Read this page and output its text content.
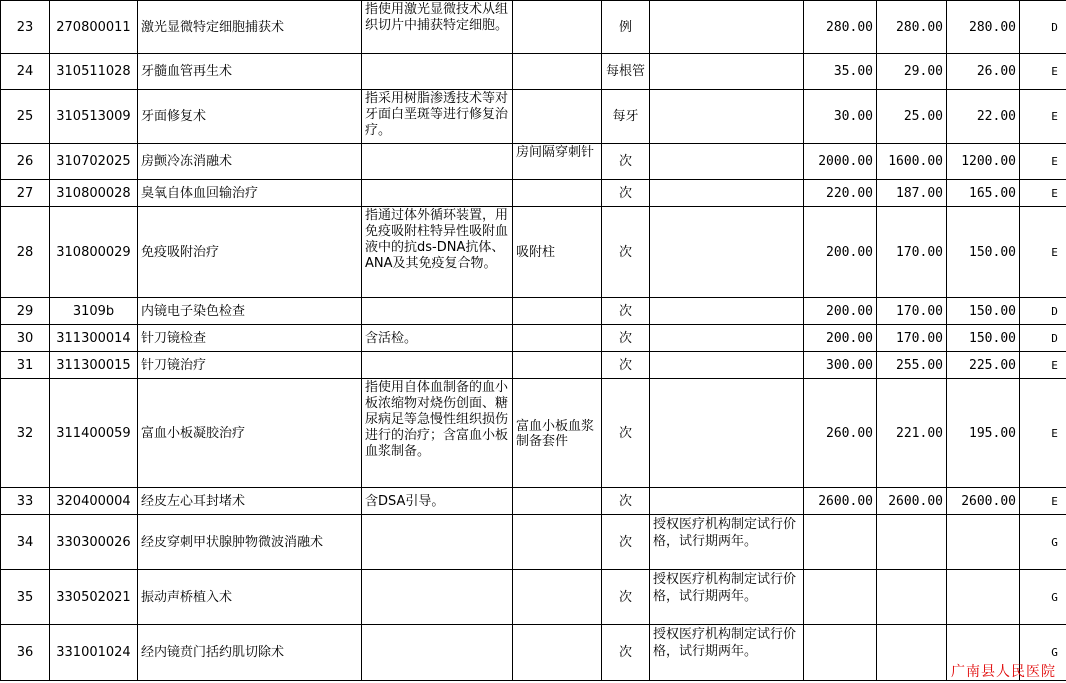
23	270800011	激光显微特定细胞捕获术	指使用激光显微技术从组织切片中捕获特定细胞。		例		280.00	280.00	280.00	D
24	310511028	牙髓血管再生术			每根管		35.00	29.00	26.00	E
25	310513009	牙面修复术	指采用树脂渗透技术等对牙面白垩斑等进行修复治疗。		每牙		30.00	25.00	22.00	E
26	310702025	房颤冷冻消融术		房间隔穿刺针	次		2000.00	1600.00	1200.00	E
27	310800028	臭氧自体血回输治疗			次		220.00	187.00	165.00	E
28	310800029	免疫吸附治疗	指通过体外循环装置，用免疫吸附柱特异性吸附血液中的抗ds-DNA抗体、ANA及其免疫复合物。	吸附柱	次		200.00	170.00	150.00	E
29	3109b	内镜电子染色检查			次		200.00	170.00	150.00	D
30	311300014	针刀镜检查	含活检。		次		200.00	170.00	150.00	D
31	311300015	针刀镜治疗			次		300.00	255.00	225.00	E
32	311400059	富血小板凝胶治疗	指使用自体血制备的血小板浓缩物对烧伤创面、糖尿病足等急慢性组织损伤进行的治疗；含富血小板血浆制备。	富血小板血浆制备套件	次		260.00	221.00	195.00	E
33	320400004	经皮左心耳封堵术	含DSA引导。		次		2600.00	2600.00	2600.00	E
34	330300026	经皮穿刺甲状腺肿物微波消融术			次	授权医疗机构制定试行价格，试行期两年。				G
35	330502021	振动声桥植入术			次	授权医疗机构制定试行价格，试行期两年。				G
36	331001024	经内镜贲门括约肌切除术			次	授权医疗机构制定试行价格，试行期两年。				G
广南县人民医院
